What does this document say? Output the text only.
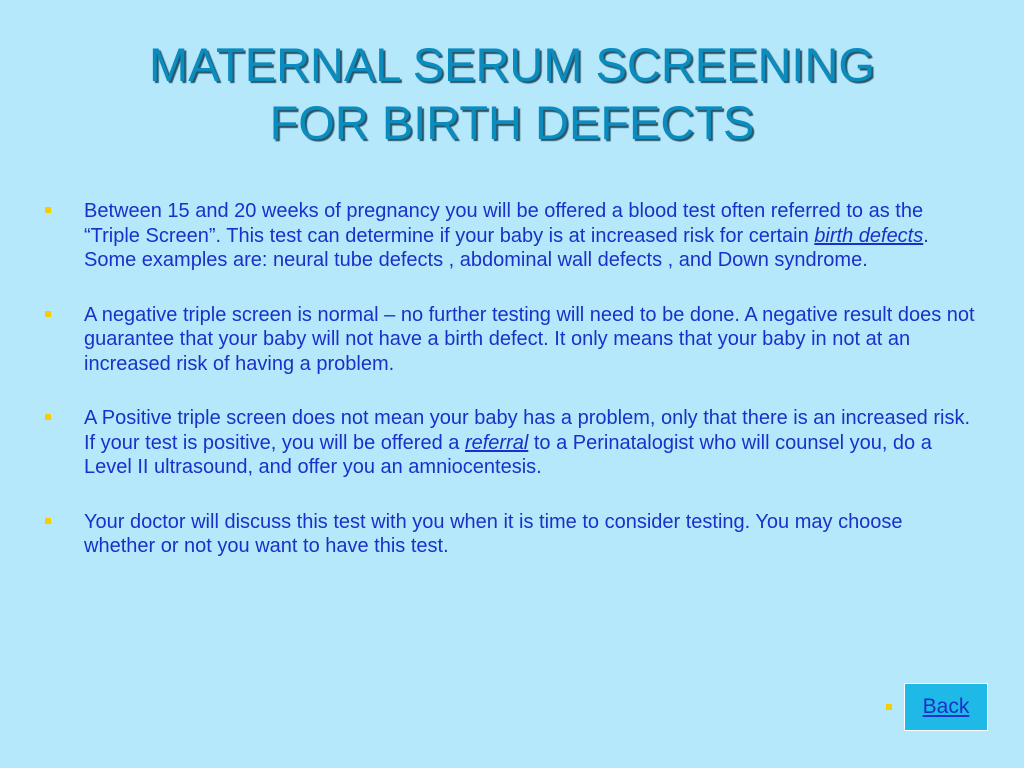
MATERNAL SERUM SCREENING
FOR BIRTH DEFECTS
Between 15 and 20 weeks of pregnancy you will be offered a blood test often referred to as the “Triple Screen”. This test can determine if your baby is at increased risk for certain birth defects. Some examples are: neural tube defects , abdominal wall defects , and Down syndrome.
A negative triple screen is normal – no further testing will need to be done. A negative result does not guarantee that your baby will not have a birth defect. It only means that your baby in not at an increased risk of having a problem.
A Positive triple screen does not mean your baby has a problem, only that there is an increased risk. If your test is positive, you will be offered a referral to a Perinatalogist who will counsel you, do a Level II ultrasound, and offer you an amniocentesis.
Your doctor will discuss this test with you when it is time to consider testing. You may choose whether or not you want to have this test.
Back
